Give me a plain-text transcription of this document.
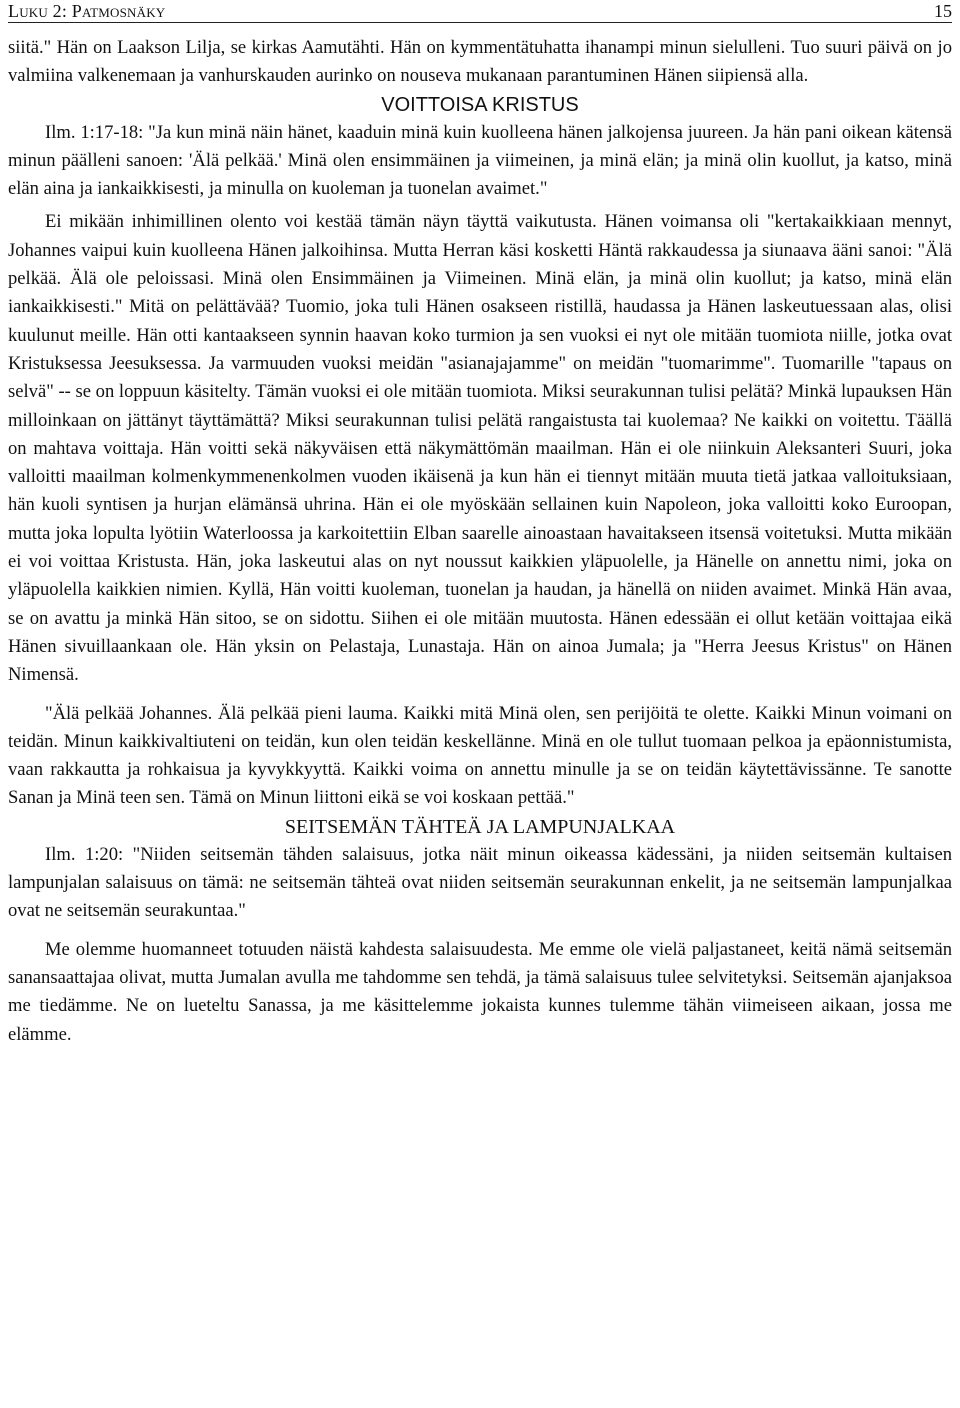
Luku 2: Patmosnäky	15

siitä." Hän on Laakson Lilja, se kirkas Aamutähti. Hän on kymmentätuhatta ihanampi minun sielulleni. Tuo suuri päivä on jo valmiina valkenemaan ja vanhurskauden aurinko on nouseva mukanaan parantuminen Hänen siipiensä alla.

VOITTOISA KRISTUS

Ilm. 1:17-18: "Ja kun minä näin hänet, kaaduin minä kuin kuolleena hänen jalkojensa juureen. Ja hän pani oikean kätensä minun päälleni sanoen: 'Älä pelkää.' Minä olen ensimmäinen ja viimeinen, ja minä elän; ja minä olin kuollut, ja katso, minä elän aina ja iankaikkisesti, ja minulla on kuoleman ja tuonelan avaimet."

Ei mikään inhimillinen olento voi kestää tämän näyn täyttä vaikutusta. Hänen voimansa oli "kertakaikkiaan mennyt, Johannes vaipui kuin kuolleena Hänen jalkoihinsa. Mutta Herran käsi kosketti Häntä rakkaudessa ja siunaava ääni sanoi: "Älä pelkää. Älä ole peloissasi. Minä olen Ensimmäinen ja Viimeinen. Minä elän, ja minä olin kuollut; ja katso, minä elän iankaikkisesti." Mitä on pelättävää? Tuomio, joka tuli Hänen osakseen ristillä, haudassa ja Hänen laskeutuessaan alas, olisi kuulunut meille. Hän otti kantaakseen synnin haavan koko turmion ja sen vuoksi ei nyt ole mitään tuomiota niille, jotka ovat Kristuksessa Jeesuksessa. Ja varmuuden vuoksi meidän "asianajajamme" on meidän "tuomarimme". Tuomarille "tapaus on selvä" -- se on loppuun käsitelty. Tämän vuoksi ei ole mitään tuomiota. Miksi seurakunnan tulisi pelätä? Minkä lupauksen Hän milloinkaan on jättänyt täyttämättä? Miksi seurakunnan tulisi pelätä rangaistusta tai kuolemaa? Ne kaikki on voitettu. Täällä on mahtava voittaja. Hän voitti sekä näkyväisen että näkymättömän maailman. Hän ei ole niinkuin Aleksanteri Suuri, joka valloitti maailman kolmenkymmenenkolmen vuoden ikäisenä ja kun hän ei tiennyt mitään muuta tietä jatkaa valloituksiaan, hän kuoli syntisen ja hurjan elämänsä uhrina. Hän ei ole myöskään sellainen kuin Napoleon, joka valloitti koko Euroopan, mutta joka lopulta lyötiin Waterloossa ja karkoitettiin Elban saarelle ainoastaan havaitakseen itsensä voitetuksi. Mutta mikään ei voi voittaa Kristusta. Hän, joka laskeutui alas on nyt noussut kaikkien yläpuolelle, ja Hänelle on annettu nimi, joka on yläpuolella kaikkien nimien. Kyllä, Hän voitti kuoleman, tuonelan ja haudan, ja hänellä on niiden avaimet. Minkä Hän avaa, se on avattu ja minkä Hän sitoo, se on sidottu. Siihen ei ole mitään muutosta. Hänen edessään ei ollut ketään voittajaa eikä Hänen sivuillaankaan ole. Hän yksin on Pelastaja, Lunastaja. Hän on ainoa Jumala; ja "Herra Jeesus Kristus" on Hänen Nimensä.

"Älä pelkää Johannes. Älä pelkää pieni lauma. Kaikki mitä Minä olen, sen perijöitä te olette. Kaikki Minun voimani on teidän. Minun kaikkivaltiuteni on teidän, kun olen teidän keskellänne. Minä en ole tullut tuomaan pelkoa ja epäonnistumista, vaan rakkautta ja rohkaisua ja kyvykkyyttä. Kaikki voima on annettu minulle ja se on teidän käytettävissänne. Te sanotte Sanan ja Minä teen sen. Tämä on Minun liittoni eikä se voi koskaan pettää."

SEITSEMÄN TÄHTEÄ JA LAMPUNJALKAA

Ilm. 1:20: "Niiden seitsemän tähden salaisuus, jotka näit minun oikeassa kädessäni, ja niiden seitsemän kultaisen lampunjalan salaisuus on tämä: ne seitsemän tähteä ovat niiden seitsemän seurakunnan enkelit, ja ne seitsemän lampunjalkaa ovat ne seitsemän seurakuntaa."

Me olemme huomanneet totuuden näistä kahdesta salaisuudesta. Me emme ole vielä paljastaneet, keitä nämä seitsemän sanansaattajaa olivat, mutta Jumalan avulla me tahdomme sen tehdä, ja tämä salaisuus tulee selvitetyksi. Seitsemän ajanjaksoa me tiedämme. Ne on lueteltu Sanassa, ja me käsittelemme jokaista kunnes tulemme tähän viimeiseen aikaan, jossa me elämme.
